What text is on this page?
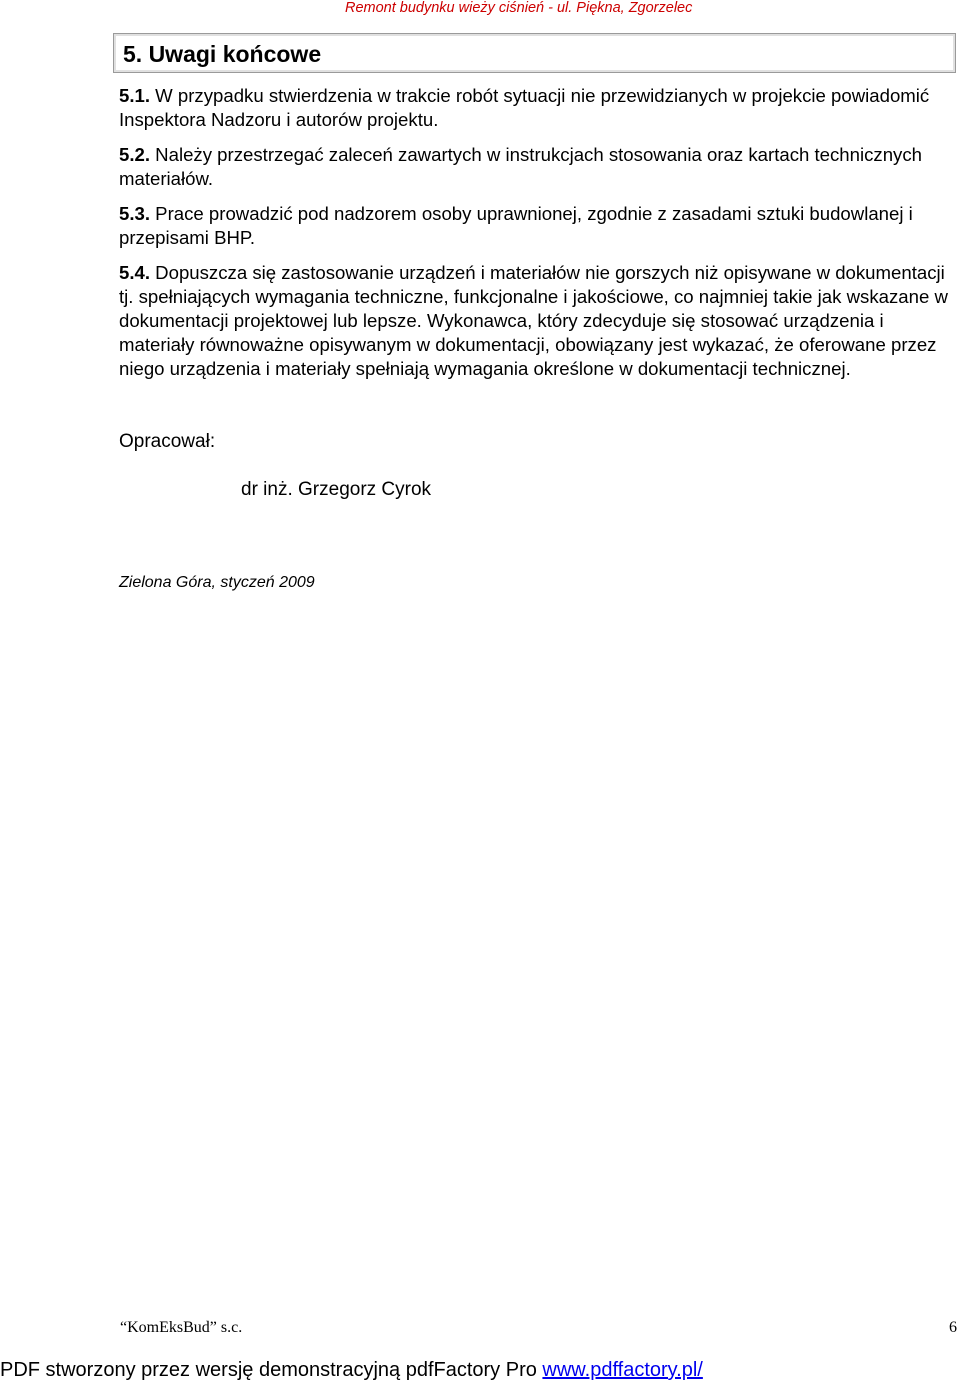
Remont budynku wieży ciśnień - ul. Piękna, Zgorzelec
5. Uwagi końcowe

5.1. W przypadku stwierdzenia w trakcie robót sytuacji nie przewidzianych w projekcie powiadomić Inspektora Nadzoru i autorów projektu.

5.2. Należy przestrzegać zaleceń zawartych w instrukcjach stosowania oraz kartach technicznych materiałów.

5.3. Prace prowadzić pod nadzorem osoby uprawnionej, zgodnie z zasadami sztuki budowlanej i przepisami BHP.

5.4. Dopuszcza się zastosowanie urządzeń i materiałów nie gorszych niż opisywane w dokumentacji tj. spełniających wymagania techniczne, funkcjonalne i jakościowe, co najmniej takie jak wskazane w dokumentacji projektowej lub lepsze. Wykonawca, który zdecyduje się stosować urządzenia i materiały równoważne opisywanym w dokumentacji, obowiązany jest wykazać, że oferowane przez niego urządzenia i materiały spełniają wymagania określone w dokumentacji technicznej.

Opracował:
dr inż. Grzegorz Cyrok
Zielona Góra, styczeń 2009
“KomEksBud” s.c.	6
PDF stworzony przez wersję demonstracyjną pdfFactory Pro www.pdffactory.pl/
